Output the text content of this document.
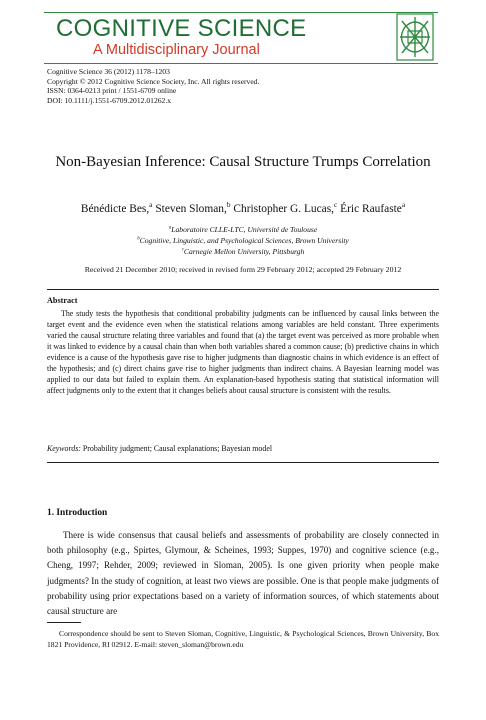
COGNITIVE SCIENCE
A Multidisciplinary Journal
Cognitive Science 36 (2012) 1178–1203
Copyright © 2012 Cognitive Science Society, Inc. All rights reserved.
ISSN: 0364-0213 print / 1551-6709 online
DOI: 10.1111/j.1551-6709.2012.01262.x
Non-Bayesian Inference: Causal Structure Trumps Correlation
Bénédicte Bes,$^a$ Steven Sloman,$^b$ Christopher G. Lucas,$^c$ Éric Raufaste$^a$
$^a$Laboratoire CLLE-LTC, Université de Toulouse
$^b$Cognitive, Linguistic, and Psychological Sciences, Brown University
$^c$Carnegie Mellon University, Pittsburgh
Received 21 December 2010; received in revised form 29 February 2012; accepted 29 February 2012
Abstract

The study tests the hypothesis that conditional probability judgments can be influenced by causal links between the target event and the evidence even when the statistical relations among variables are held constant. Three experiments varied the causal structure relating three variables and found that (a) the target event was perceived as more probable when it was linked to evidence by a causal chain than when both variables shared a common cause; (b) predictive chains in which evidence is a cause of the hypothesis gave rise to higher judgments than diagnostic chains in which evidence is an effect of the hypothesis; and (c) direct chains gave rise to higher judgments than indirect chains. A Bayesian learning model was applied to our data but failed to explain them. An explanation-based hypothesis stating that statistical information will affect judgments only to the extent that it changes beliefs about causal structure is consistent with the results.

Keywords: Probability judgment; Causal explanations; Bayesian model
1. Introduction

There is wide consensus that causal beliefs and assessments of probability are closely connected in both philosophy (e.g., Spirtes, Glymour, & Scheines, 1993; Suppes, 1970) and cognitive science (e.g., Cheng, 1997; Rehder, 2009; reviewed in Sloman, 2005). Is one given priority when people make judgments? In the study of cognition, at least two views are possible. One is that people make judgments of probability using prior expectations based on a variety of information sources, of which statements about causal structure are

Correspondence should be sent to Steven Sloman, Cognitive, Linguistic, & Psychological Sciences, Brown University, Box 1821 Providence, RI 02912. E-mail: steven_sloman@brown.edu
